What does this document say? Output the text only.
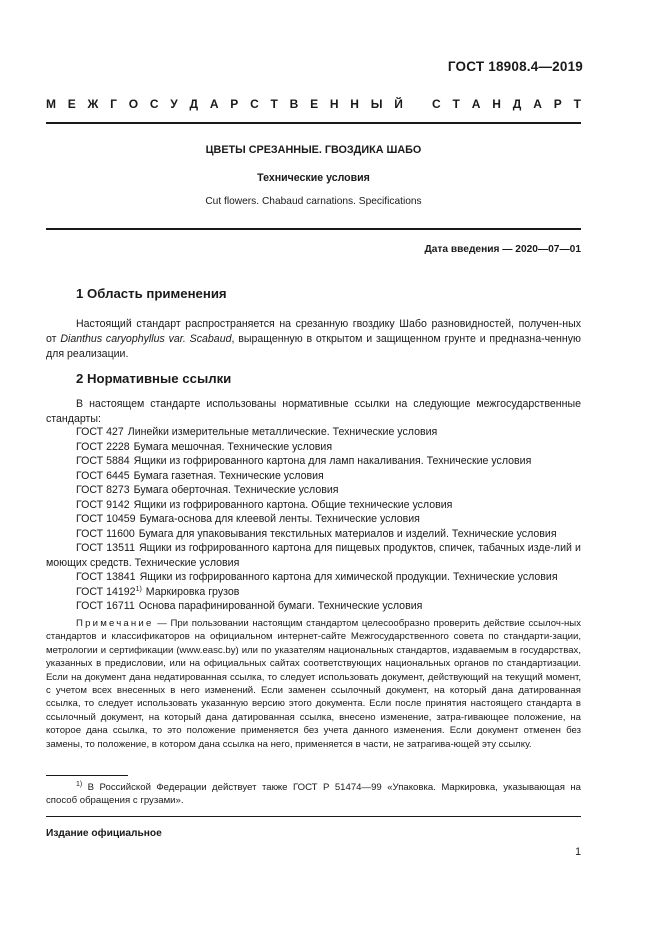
ГОСТ 18908.4—2019
М Е Ж Г О С У Д А Р С Т В Е Н Н Ы Й С Т А Н Д А Р Т
ЦВЕТЫ СРЕЗАННЫЕ. ГВОЗДИКА ШАБО
Технические условия
Cut flowers. Chabaud carnations. Specifications
Дата введения — 2020—07—01
1 Область применения

Настоящий стандарт распространяется на срезанную гвоздику Шабо разновидностей, получен-ных от Dianthus caryophyllus var. Scabaud, выращенную в открытом и защищенном грунте и предназна-ченную для реализации.

2 Нормативные ссылки

В настоящем стандарте использованы нормативные ссылки на следующие межгосударственные стандарты:

ГОСТ 427 Линейки измерительные металлические. Технические условия
ГОСТ 2228 Бумага мешочная. Технические условия
ГОСТ 5884 Ящики из гофрированного картона для ламп накаливания. Технические условия
ГОСТ 6445 Бумага газетная. Технические условия
ГОСТ 8273 Бумага оберточная. Технические условия
ГОСТ 9142 Ящики из гофрированного картона. Общие технические условия
ГОСТ 10459 Бумага-основа для клеевой ленты. Технические условия
ГОСТ 11600 Бумага для упаковывания текстильных материалов и изделий. Технические условия
ГОСТ 13511 Ящики из гофрированного картона для пищевых продуктов, спичек, табачных изде-лий и моющих средств. Технические условия
ГОСТ 13841 Ящики из гофрированного картона для химической продукции. Технические условия
ГОСТ 14192$^{1)}$ Маркировка грузов
ГОСТ 16711 Основа парафинированной бумаги. Технические условия

Примечание — При пользовании настоящим стандартом целесообразно проверить действие ссылоч-ных стандартов и классификаторов на официальном интернет-сайте Межгосударственного совета по стандарти-зации, метрологии и сертификации (www.easc.by) или по указателям национальных стандартов, издаваемым в государствах, указанных в предисловии, или на официальных сайтах соответствующих национальных органов по стандартизации. Если на документ дана недатированная ссылка, то следует использовать документ, действующий на текущий момент, с учетом всех внесенных в него изменений. Если заменен ссылочный документ, на который дана датированная ссылка, то следует использовать указанную версию этого документа. Если после принятия настоящего стандарта в ссылочный документ, на который дана датированная ссылка, внесено изменение, затра-гивающее положение, на которое дана ссылка, то это положение применяется без учета данного изменения. Если документ отменен без замены, то положение, в котором дана ссылка на него, применяется в части, не затрагива-ющей эту ссылку.

$^{1)}$ В Российской Федерации действует также ГОСТ Р 51474—99 «Упаковка. Маркировка, указывающая на способ обращения с грузами».

Издание официальное
1
